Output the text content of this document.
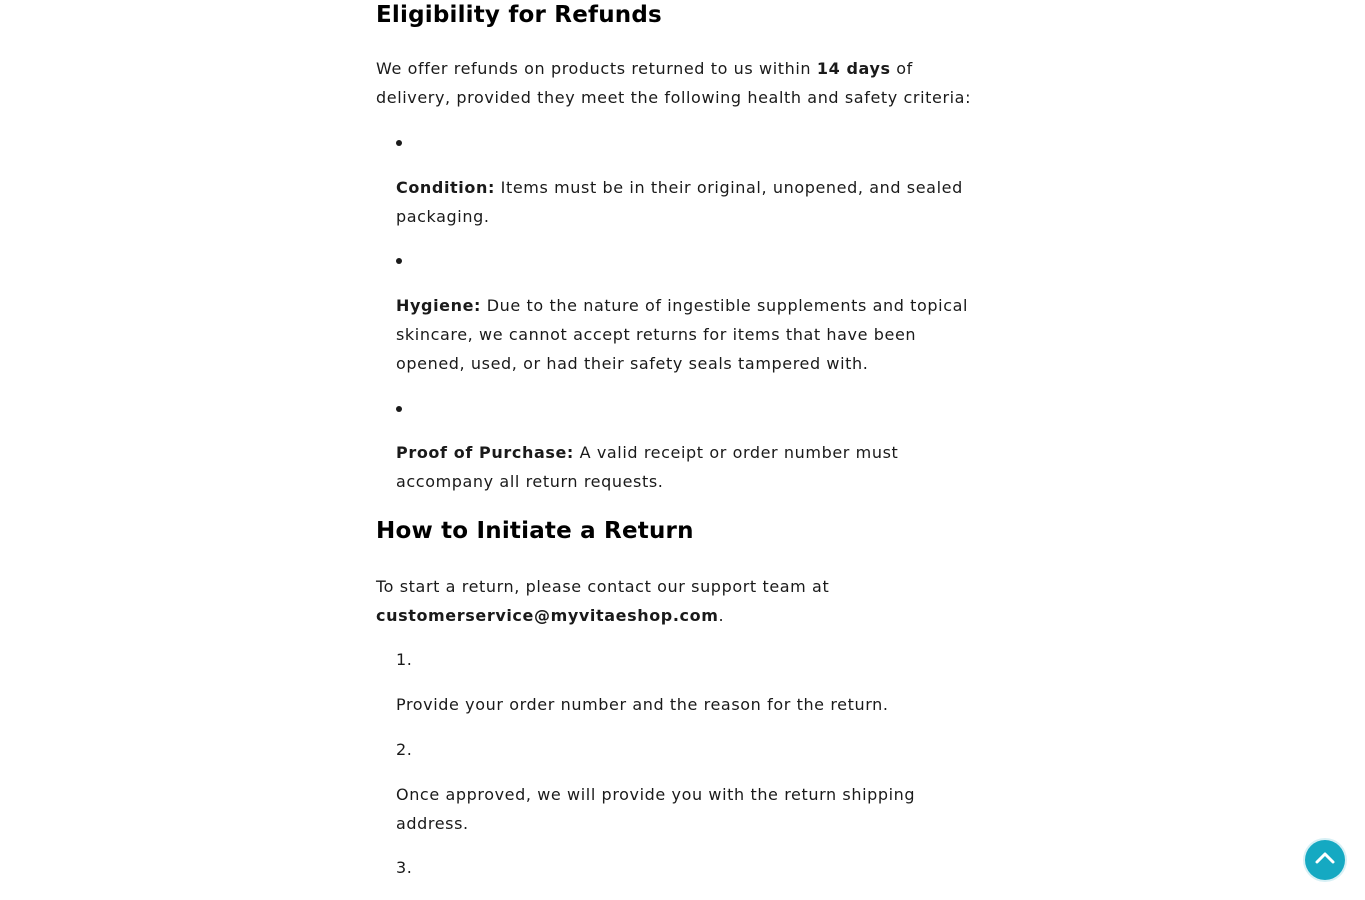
Eligibility for Refunds

We offer refunds on products returned to us within 14 days of delivery, provided they meet the following health and safety criteria:

Condition: Items must be in their original, unopened, and sealed packaging.

Hygiene: Due to the nature of ingestible supplements and topical skincare, we cannot accept returns for items that have been opened, used, or had their safety seals tampered with.

Proof of Purchase: A valid receipt or order number must accompany all return requests.

How to Initiate a Return

To start a return, please contact our support team at
customerservice@myvitaeshop.com.

1.

Provide your order number and the reason for the return.

2.

Once approved, we will provide you with the return shipping address.

3.
